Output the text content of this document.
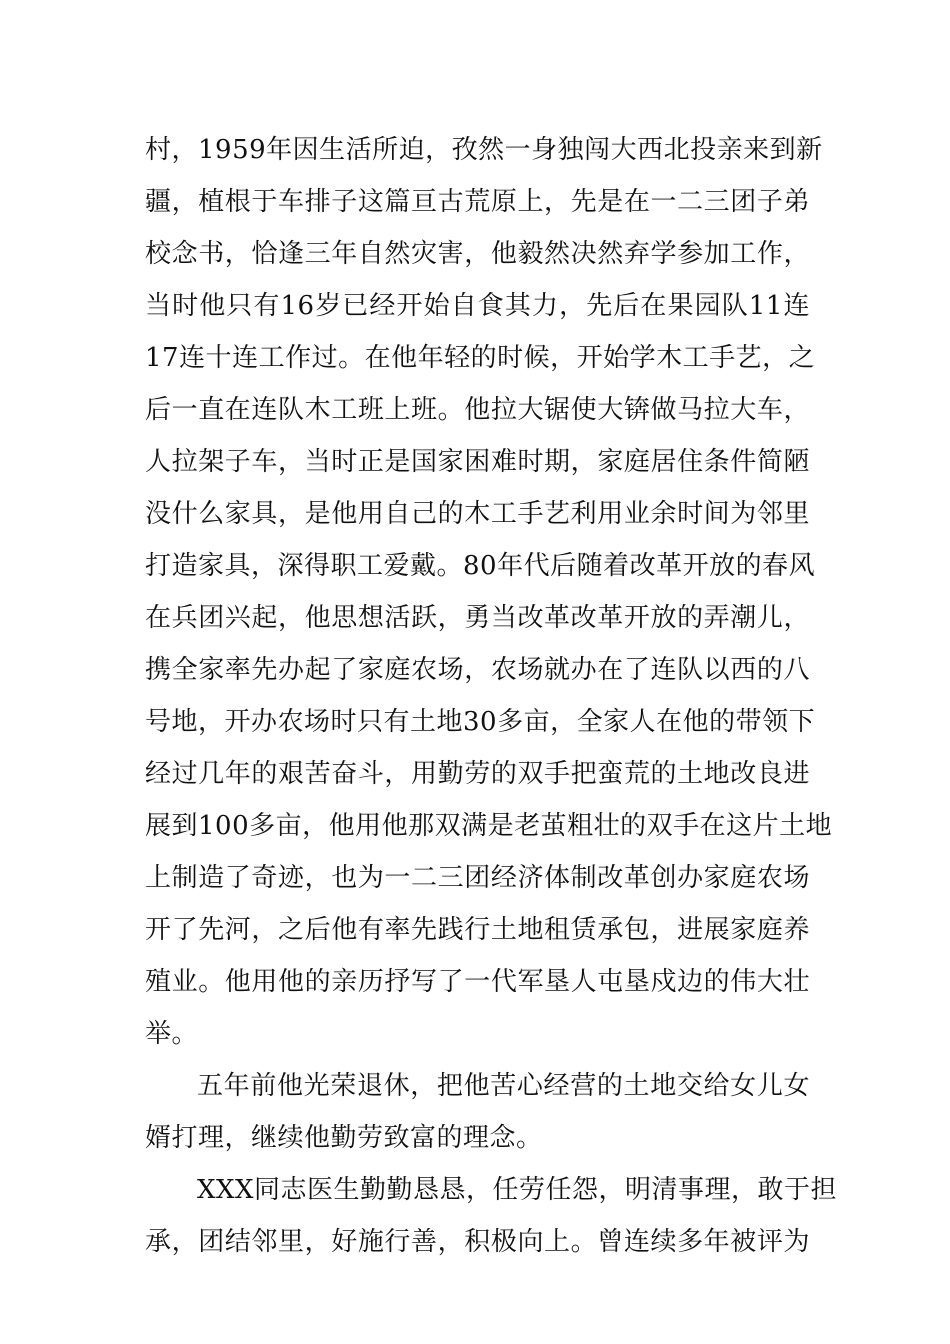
村，1959年因生活所迫，孜然一身独闯大西北投亲来到新
疆，植根于车排子这篇亘古荒原上，先是在一二三团子弟
校念书，恰逢三年自然灾害，他毅然决然弃学参加工作，
当时他只有16岁已经开始自食其力，先后在果园队11连
17连十连工作过。在他年轻的时候，开始学木工手艺，之
后一直在连队木工班上班。他拉大锯使大锛做马拉大车，
人拉架子车，当时正是国家困难时期，家庭居住条件简陋
没什么家具，是他用自己的木工手艺利用业余时间为邻里
打造家具，深得职工爱戴。80年代后随着改革开放的春风
在兵团兴起，他思想活跃，勇当改革改革开放的弄潮儿，
携全家率先办起了家庭农场，农场就办在了连队以西的八
号地，开办农场时只有土地30多亩，全家人在他的带领下
经过几年的艰苦奋斗，用勤劳的双手把蛮荒的土地改良进
展到100多亩，他用他那双满是老茧粗壮的双手在这片土地
上制造了奇迹，也为一二三团经济体制改革创办家庭农场
开了先河，之后他有率先践行土地租赁承包，进展家庭养
殖业。他用他的亲历抒写了一代军垦人屯垦戍边的伟大壮
举。
五年前他光荣退休，把他苦心经营的土地交给女儿女
婿打理，继续他勤劳致富的理念。
XXX同志医生勤勤恳恳，任劳任怨，明清事理，敢于担
承，团结邻里，好施行善，积极向上。曾连续多年被评为
